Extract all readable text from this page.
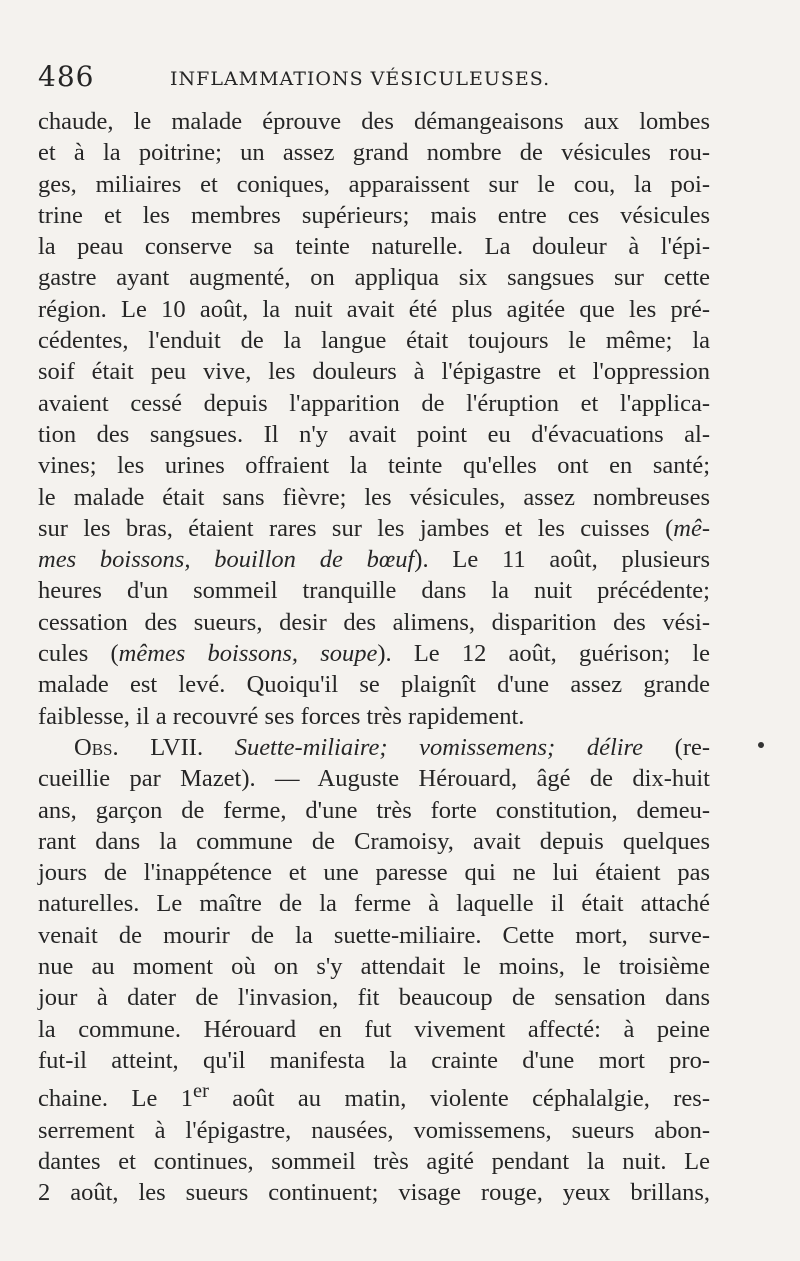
486	INFLAMMATIONS VÉSICULEUSES.

chaude, le malade éprouve des démangeaisons aux lombes
et à la poitrine; un assez grand nombre de vésicules rou-
ges, miliaires et coniques, apparaissent sur le cou, la poi-
trine et les membres supérieurs; mais entre ces vésicules
la peau conserve sa teinte naturelle. La douleur à l'épi-
gastre ayant augmenté, on appliqua six sangsues sur cette
région. Le 10 août, la nuit avait été plus agitée que les pré-
cédentes, l'enduit de la langue était toujours le même; la
soif était peu vive, les douleurs à l'épigastre et l'oppression
avaient cessé depuis l'apparition de l'éruption et l'applica-
tion des sangsues. Il n'y avait point eu d'évacuations al-
vines; les urines offraient la teinte qu'elles ont en santé;
le malade était sans fièvre; les vésicules, assez nombreuses
sur les bras, étaient rares sur les jambes et les cuisses (mê-
mes boissons, bouillon de bœuf). Le 11 août, plusieurs
heures d'un sommeil tranquille dans la nuit précédente;
cessation des sueurs, desir des alimens, disparition des vési-
cules (mêmes boissons, soupe). Le 12 août, guérison; le
malade est levé. Quoiqu'il se plaignît d'une assez grande
faiblesse, il a recouvré ses forces très rapidement.

Obs. LVII. Suette-miliaire; vomissemens; délire (re-
cueillie par Mazet). — Auguste Hérouard, âgé de dix-huit
ans, garçon de ferme, d'une très forte constitution, demeu-
rant dans la commune de Cramoisy, avait depuis quelques
jours de l'inappétence et une paresse qui ne lui étaient pas
naturelles. Le maître de la ferme à laquelle il était attaché
venait de mourir de la suette-miliaire. Cette mort, surve-
nue au moment où on s'y attendait le moins, le troisième
jour à dater de l'invasion, fit beaucoup de sensation dans
la commune. Hérouard en fut vivement affecté: à peine
fut-il atteint, qu'il manifesta la crainte d'une mort pro-
chaine. Le 1er août au matin, violente céphalalgie, res-
serrement à l'épigastre, nausées, vomissemens, sueurs abon-
dantes et continues, sommeil très agité pendant la nuit. Le
2 août, les sueurs continuent; visage rouge, yeux brillans,
